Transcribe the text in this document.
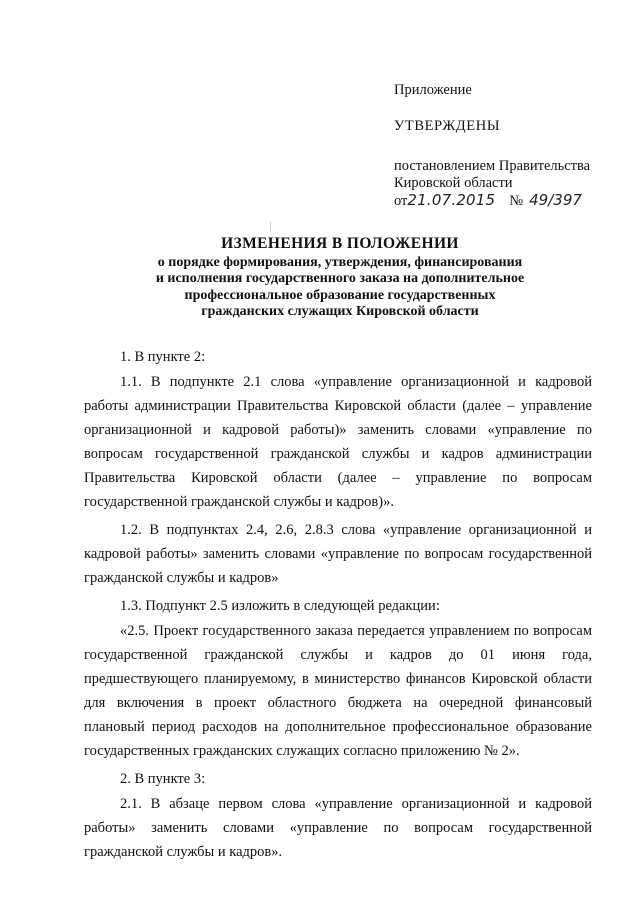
Приложение
УТВЕРЖДЕНЫ
постановлением Правительства
Кировской области
от21.07.2015 № 49/397
ИЗМЕНЕНИЯ В ПОЛОЖЕНИИ
о порядке формирования, утверждения, финансирования
и исполнения государственного заказа на дополнительное
профессиональное образование государственных
гражданских служащих Кировской области

1. В пункте 2:

1.1. В подпункте 2.1 слова «управление организационной и кадровой работы администрации Правительства Кировской области (далее – управление организационной и кадровой работы)» заменить словами «управление по вопросам государственной гражданской службы и кадров администрации Правительства Кировской области (далее – управление по вопросам государственной гражданской службы и кадров)».

1.2. В подпунктах 2.4, 2.6, 2.8.3 слова «управление организационной и кадровой работы» заменить словами «управление по вопросам государственной гражданской службы и кадров»

1.3. Подпункт 2.5 изложить в следующей редакции:

«2.5. Проект государственного заказа передается управлением по вопросам государственной гражданской службы и кадров до 01 июня года, предшествующего планируемому, в министерство финансов Кировской области для включения в проект областного бюджета на очередной финансовый плановый период расходов на дополнительное профессиональное образование государственных гражданских служащих согласно приложению № 2».

2. В пункте 3:

2.1. В абзаце первом слова «управление организационной и кадровой работы» заменить словами «управление по вопросам государственной гражданской службы и кадров».
